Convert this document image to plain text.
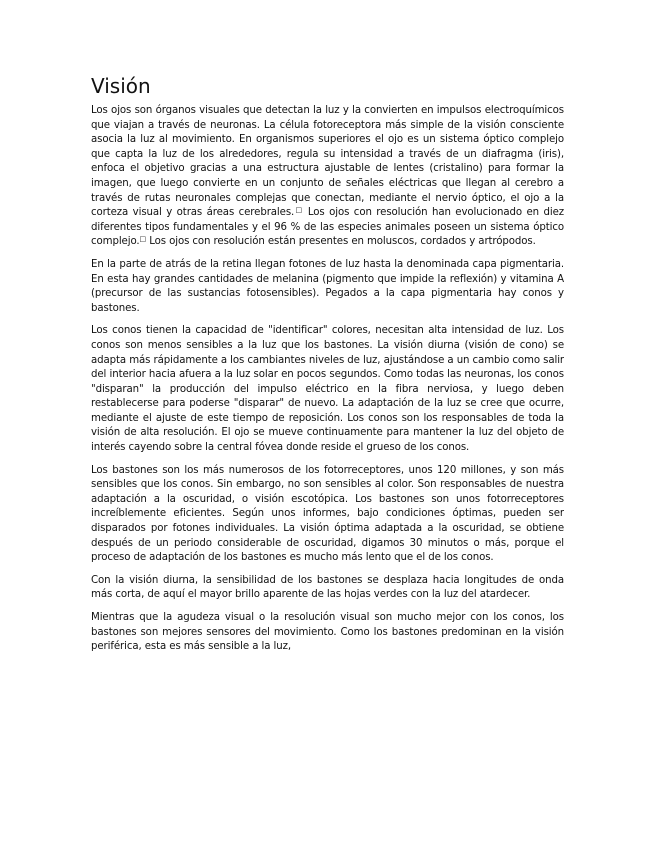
Visión

Los ojos son órganos visuales que detectan la luz y la convierten en impulsos electroquímicos que viajan a través de neuronas. La célula fotoreceptora más simple de la visión consciente asocia la luz al movimiento. En organismos superiores el ojo es un sistema óptico complejo que capta la luz de los alrededores, regula su intensidad a través de un diafragma (iris), enfoca el objetivo gracias a una estructura ajustable de lentes (cristalino) para formar la imagen, que luego convierte en un conjunto de señales eléctricas que llegan al cerebro a través de rutas neuronales complejas que conectan, mediante el nervio óptico, el ojo a la corteza visual y otras áreas cerebrales.□ Los ojos con resolución han evolucionado en diez diferentes tipos fundamentales y el 96 % de las especies animales poseen un sistema óptico complejo.□ Los ojos con resolución están presentes en moluscos, cordados y artrópodos.

En la parte de atrás de la retina llegan fotones de luz hasta la denominada capa pigmentaria. En esta hay grandes cantidades de melanina (pigmento que impide la reflexión) y vitamina A (precursor de las sustancias fotosensibles). Pegados a la capa pigmentaria hay conos y bastones.

Los conos tienen la capacidad de "identificar" colores, necesitan alta intensidad de luz. Los conos son menos sensibles a la luz que los bastones. La visión diurna (visión de cono) se adapta más rápidamente a los cambiantes niveles de luz, ajustándose a un cambio como salir del interior hacia afuera a la luz solar en pocos segundos. Como todas las neuronas, los conos "disparan" la producción del impulso eléctrico en la fibra nerviosa, y luego deben restablecerse para poderse "disparar" de nuevo. La adaptación de la luz se cree que ocurre, mediante el ajuste de este tiempo de reposición. Los conos son los responsables de toda la visión de alta resolución. El ojo se mueve continuamente para mantener la luz del objeto de interés cayendo sobre la central fóvea donde reside el grueso de los conos.

Los bastones son los más numerosos de los fotorreceptores, unos 120 millones, y son más sensibles que los conos. Sin embargo, no son sensibles al color. Son responsables de nuestra adaptación a la oscuridad, o visión escotópica. Los bastones son unos fotorreceptores increíblemente eficientes. Según unos informes, bajo condiciones óptimas, pueden ser disparados por fotones individuales. La visión óptima adaptada a la oscuridad, se obtiene después de un periodo considerable de oscuridad, digamos 30 minutos o más, porque el proceso de adaptación de los bastones es mucho más lento que el de los conos.

Con la visión diurna, la sensibilidad de los bastones se desplaza hacia longitudes de onda más corta, de aquí el mayor brillo aparente de las hojas verdes con la luz del atardecer.

Mientras que la agudeza visual o la resolución visual son mucho mejor con los conos, los bastones son mejores sensores del movimiento. Como los bastones predominan en la visión periférica, esta es más sensible a la luz,
